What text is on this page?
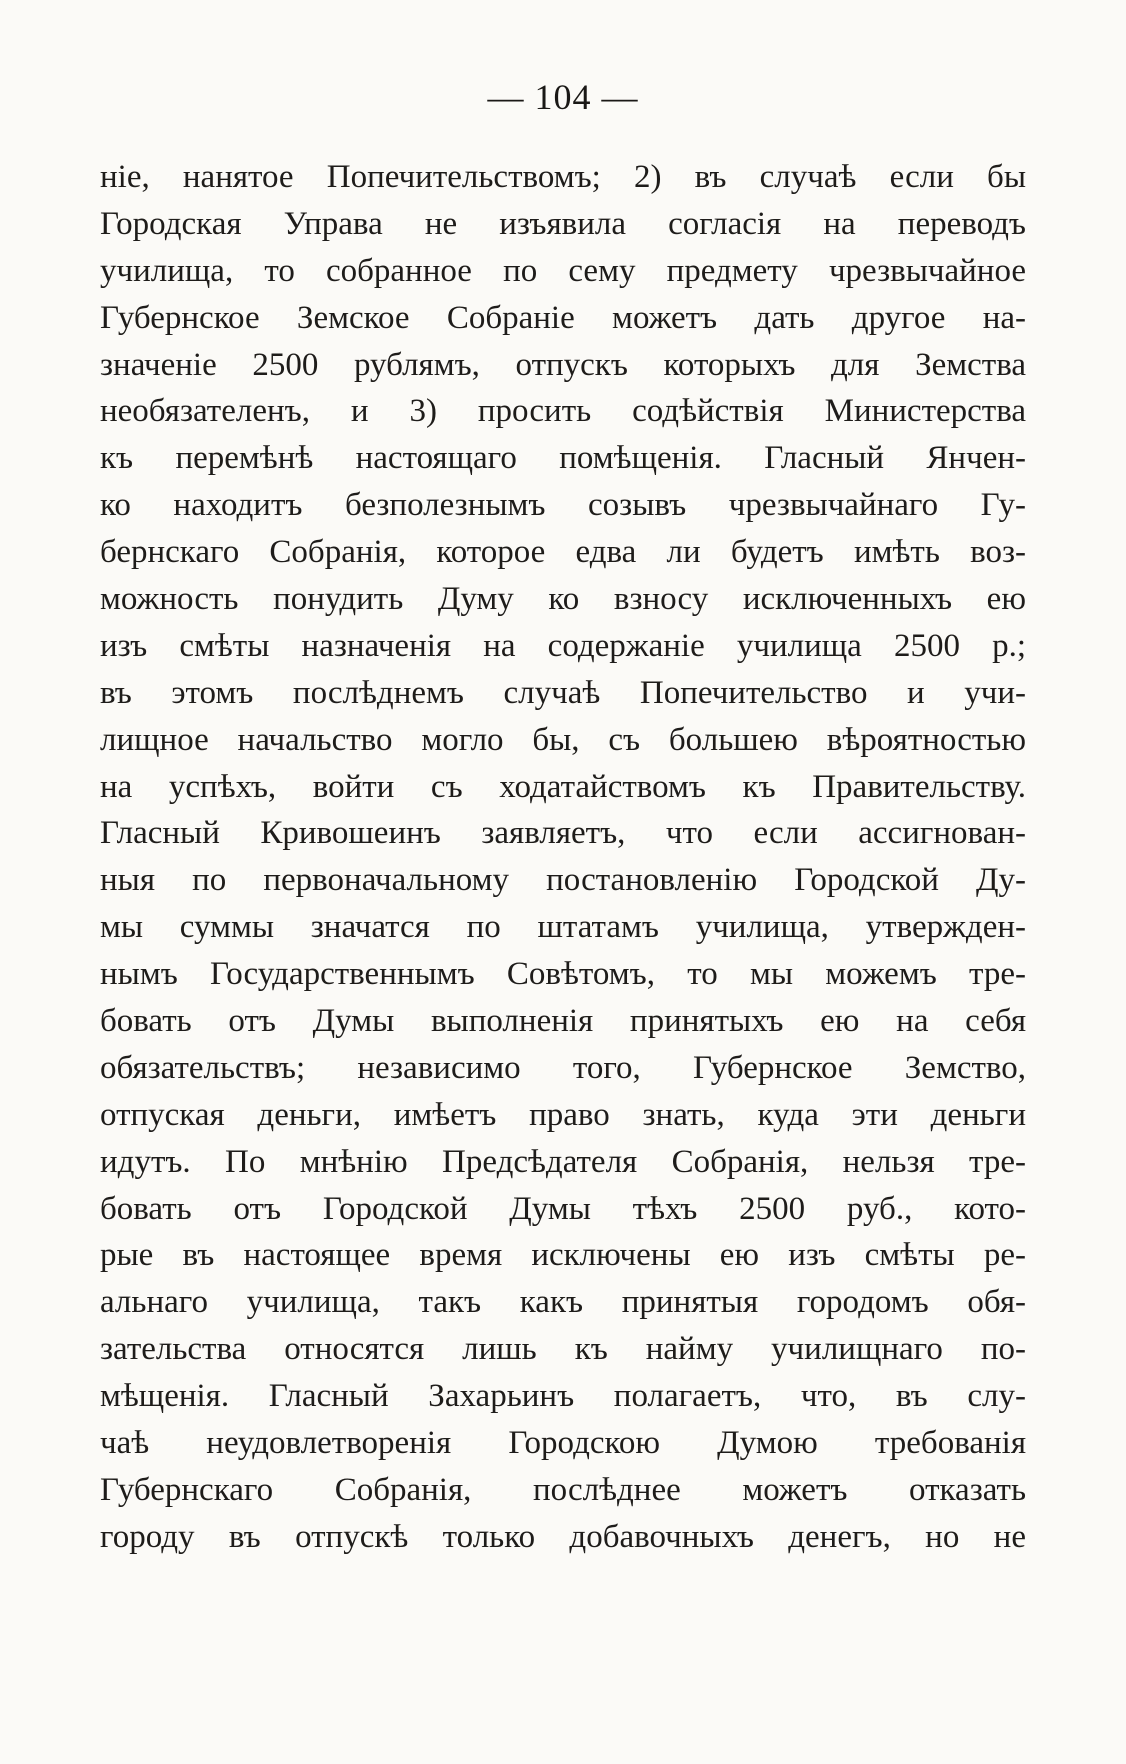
— 104 —
ніе, нанятое Попечительствомъ; 2) въ случаѣ если бы
Городская Управа не изъявила согласія на переводъ
училища, то собранное по сему предмету чрезвычайное
Губернское Земское Собраніе можетъ дать другое на-
значеніе 2500 рублямъ, отпускъ которыхъ для Земства
необязателенъ, и 3) просить содѣйствія Министерства
къ перемѣнѣ настоящаго помѣщенія. Гласный Янчен-
ко находитъ безполезнымъ созывъ чрезвычайнаго Гу-
бернскаго Собранія, которое едва ли будетъ имѣть воз-
можность понудить Думу ко взносу исключенныхъ ею
изъ смѣты назначенія на содержаніе училища 2500 р.;
въ этомъ послѣднемъ случаѣ Попечительство и учи-
лищное начальство могло бы, съ большею вѣроятностью
на успѣхъ, войти съ ходатайствомъ къ Правительству.
Гласный Кривошеинъ заявляетъ, что если ассигнован-
ныя по первоначальному постановленію Городской Ду-
мы суммы значатся по штатамъ училища, утвержден-
нымъ Государственнымъ Совѣтомъ, то мы можемъ тре-
бовать отъ Думы выполненія принятыхъ ею на себя
обязательствъ; независимо того, Губернское Земство,
отпуская деньги, имѣетъ право знать, куда эти деньги
идутъ. По мнѣнію Предсѣдателя Собранія, нельзя тре-
бовать отъ Городской Думы тѣхъ 2500 руб., кото-
рые въ настоящее время исключены ею изъ смѣты ре-
альнаго училища, такъ какъ принятыя городомъ обя-
зательства относятся лишь къ найму училищнаго по-
мѣщенія. Гласный Захарьинъ полагаетъ, что, въ слу-
чаѣ неудовлетворенія Городскою Думою требованія
Губернскаго Собранія, послѣднее можетъ отказать
городу въ отпускѣ только добавочныхъ денегъ, но не
